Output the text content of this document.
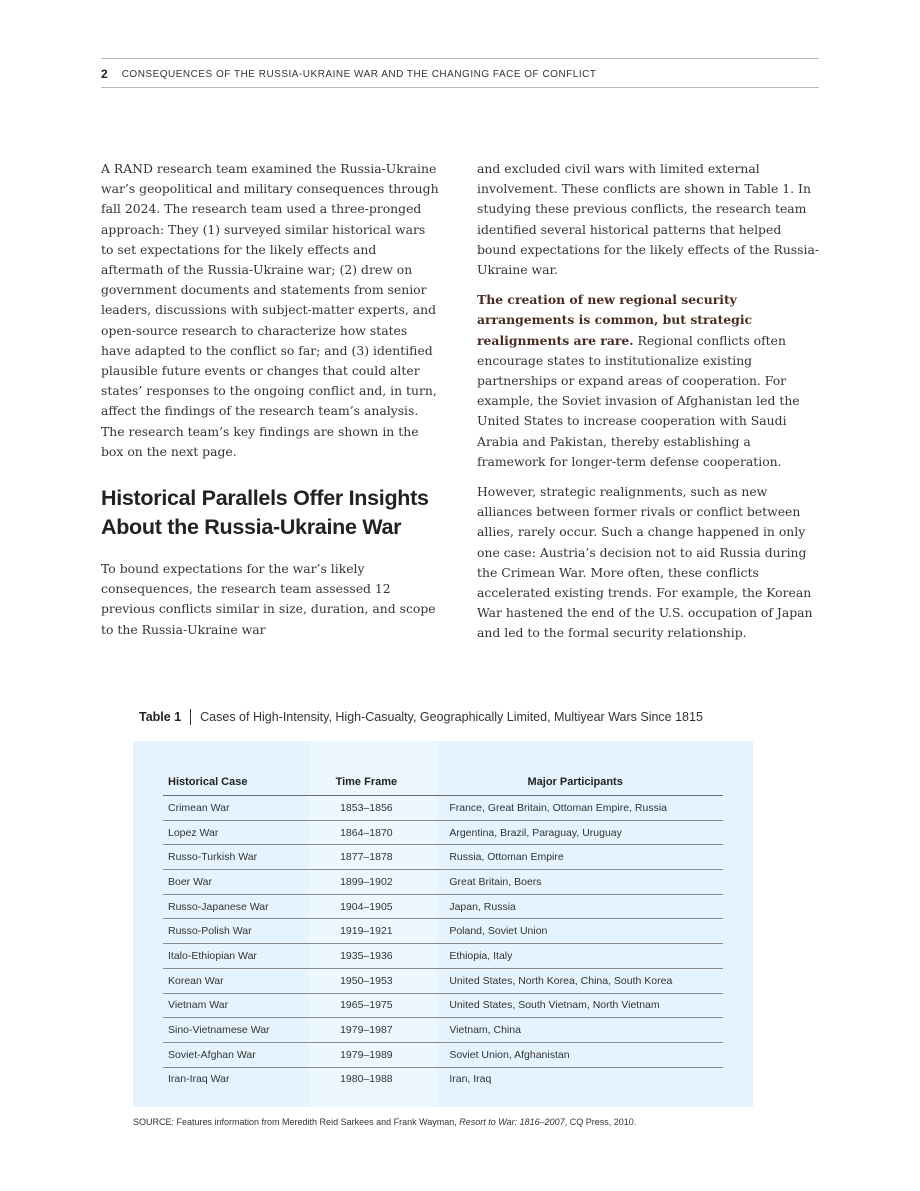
2 CONSEQUENCES OF THE RUSSIA-UKRAINE WAR AND THE CHANGING FACE OF CONFLICT

A RAND research team examined the Russia-Ukraine war’s geopolitical and military consequences through fall 2024. The research team used a three-pronged approach: They (1) surveyed similar historical wars to set expectations for the likely effects and aftermath of the Russia-Ukraine war; (2) drew on government documents and statements from senior leaders, discussions with subject-matter experts, and open-source research to characterize how states have adapted to the conflict so far; and (3) identified plausible future events or changes that could alter states’ responses to the ongoing conflict and, in turn, affect the findings of the research team’s analysis. The research team’s key findings are shown in the box on the next page.

Historical Parallels Offer Insights About the Russia-Ukraine War

To bound expectations for the war’s likely consequences, the research team assessed 12 previous conflicts similar in size, duration, and scope to the Russia-Ukraine war

and excluded civil wars with limited external involvement. These conflicts are shown in Table 1. In studying these previous conflicts, the research team identified several historical patterns that helped bound expectations for the likely effects of the Russia-Ukraine war.

The creation of new regional security arrangements is common, but strategic realignments are rare. Regional conflicts often encourage states to institutionalize existing partnerships or expand areas of cooperation. For example, the Soviet invasion of Afghanistan led the United States to increase cooperation with Saudi Arabia and Pakistan, thereby establishing a framework for longer-term defense cooperation.

However, strategic realignments, such as new alliances between former rivals or conflict between allies, rarely occur. Such a change happened in only one case: Austria’s decision not to aid Russia during the Crimean War. More often, these conflicts accelerated existing trends. For example, the Korean War hastened the end of the U.S. occupation of Japan and led to the formal security relationship.

Table 1 Cases of High-Intensity, High-Casualty, Geographically Limited, Multiyear Wars Since 1815
Historical Case	Time Frame	Major Participants
Crimean War	1853–1856	France, Great Britain, Ottoman Empire, Russia
Lopez War	1864–1870	Argentina, Brazil, Paraguay, Uruguay
Russo-Turkish War	1877–1878	Russia, Ottoman Empire
Boer War	1899–1902	Great Britain, Boers
Russo-Japanese War	1904–1905	Japan, Russia
Russo-Polish War	1919–1921	Poland, Soviet Union
Italo-Ethiopian War	1935–1936	Ethiopia, Italy
Korean War	1950–1953	United States, North Korea, China, South Korea
Vietnam War	1965–1975	United States, South Vietnam, North Vietnam
Sino-Vietnamese War	1979–1987	Vietnam, China
Soviet-Afghan War	1979–1989	Soviet Union, Afghanistan
Iran-Iraq War	1980–1988	Iran, Iraq
SOURCE: Features information from Meredith Reid Sarkees and Frank Wayman, Resort to War: 1816–2007, CQ Press, 2010.
